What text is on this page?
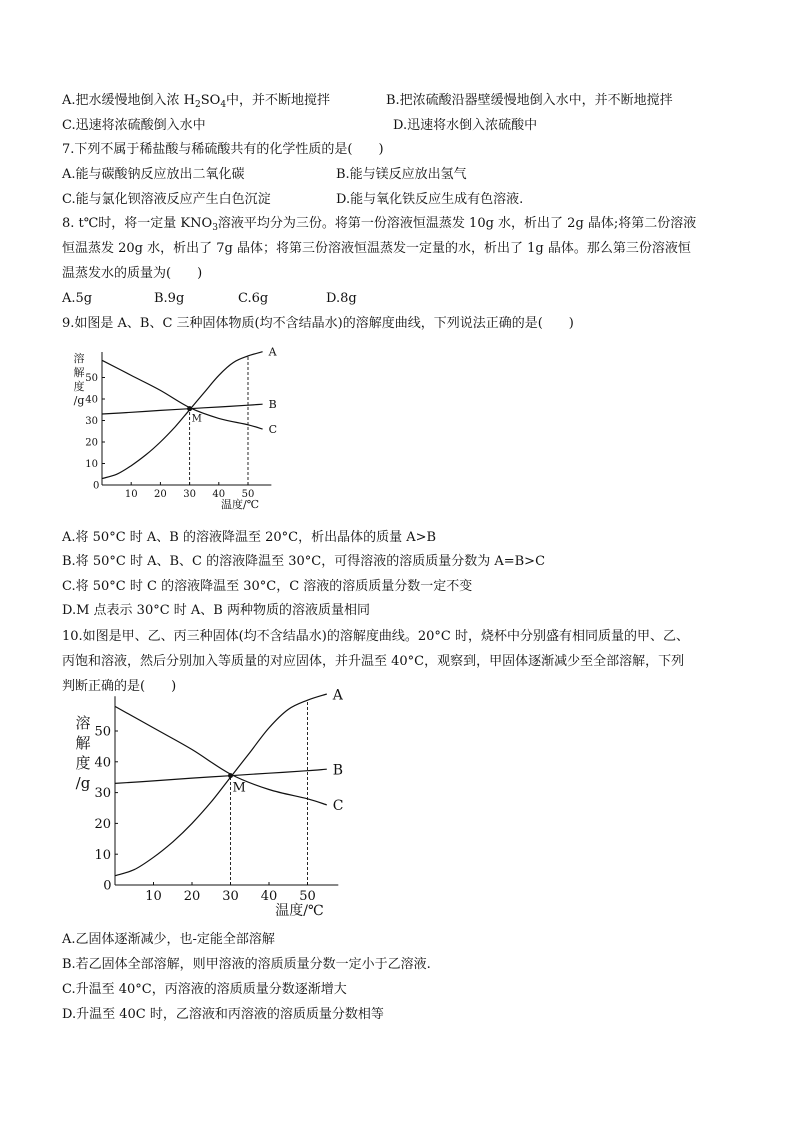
A.把水缓慢地倒入浓 $H_2SO_4$中，并不断地搅拌	B.把浓硫酸沿器壁缓慢地倒入水中，并不断地搅拌
C.迅速将浓硫酸倒入水中	D.迅速将水倒入浓硫酸中
7.下列不属于稀盐酸与稀硫酸共有的化学性质的是(　　)
A.能与碳酸钠反应放出二氧化碳	B.能与镁反应放出氢气
C.能与氯化钡溶液反应产生白色沉淀	D.能与氧化铁反应生成有色溶液.
8. t℃时，将一定量 $KNO_3$溶液平均分为三份。将第一份溶液恒温蒸发 10g 水，析出了 2g 晶体;将第二份溶液
恒温蒸发 20g 水，析出了 7g 晶体；将第三份溶液恒温蒸发一定量的水，析出了 1g 晶体。那么第三份溶液恒
温蒸发水的质量为(　　)
A.5g	B.9g	C.6g	D.8g
9.如图是 A、B、C 三种固体物质(均不含结晶水)的溶解度曲线，下列说法正确的是(　　)
0
10 20 30 40 50
10
20
30
40
50
溶
解
度
/g
温度/℃
A
B
C
M
A.将 50°C 时 A、B 的溶液降温至 20°C，析出晶体的质量 A>B
B.将 50°C 时 A、B、C 的溶液降温至 30°C，可得溶液的溶质质量分数为 A=B>C
C.将 50°C 时 C 的溶液降温至 30°C，C 溶液的溶质质量分数一定不变
D.M 点表示 30°C 时 A、B 两种物质的溶液质量相同
10.如图是甲、乙、丙三种固体(均不含结晶水)的溶解度曲线。20°C 时，烧杯中分别盛有相同质量的甲、乙、
丙饱和溶液，然后分别加入等质量的对应固体，并升温至 40°C，观察到，甲固体逐渐减少至全部溶解，下列
判断正确的是(　　)
0
10 20 30 40 50
10
20
30
40
50
溶
解
度
/g
温度/℃
A
B
C
M
A.乙固体逐渐减少，也-定能全部溶解
B.若乙固体全部溶解，则甲溶液的溶质质量分数一定小于乙溶液.
C.升温至 40°C，丙溶液的溶质质量分数逐渐增大
D.升温至 40C 时，乙溶液和丙溶液的溶质质量分数相等
